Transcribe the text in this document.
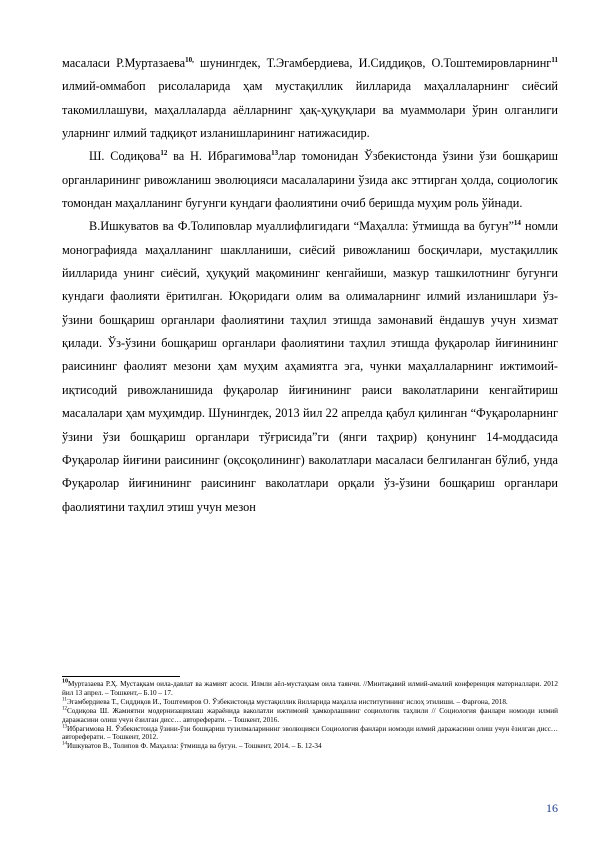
масаласи Р.Муртазаева$^{10,}$ шунингдек, Т.Эгамбердиева, И.Сиддиқов, О.Тоштемировларнинг$^{11}$ илмий-оммабоп рисолаларида ҳам мустақиллик йилларида маҳаллаларнинг сиёсий такомиллашуви, маҳаллаларда аёлларнинг ҳақ-ҳуқуқлари ва муаммолари ўрин олганлиги уларнинг илмий тадқиқот изланишларининг натижасидир.

Ш. Содиқова$^{12}$ ва Н. Ибрагимова$^{13}$лар томонидан Ўзбекистонда ўзини ўзи бошқариш органларининг ривожланиш эволюцияси масалаларини ўзида акс эттирган ҳолда, социологик томондан маҳалланинг бугунги кундаги фаолиятини очиб беришда муҳим роль ўйнади.

В.Ишкуватов ва Ф.Толиповлар муаллифлигидаги “Маҳалла: ўтмишда ва бугун”$^{14}$ номли монографияда маҳалланинг шаклланиши, сиёсий ривожланиш босқичлари, мустақиллик йилларида унинг сиёсий, ҳуқуқий мақомининг кенгайиши, мазкур ташкилотнинг бугунги кундаги фаолияти ёритилган. Юқоридаги олим ва олималарнинг илмий изланишлари ўз-ўзини бошқариш органлари фаолиятини таҳлил этишда замонавий ёндашув учун хизмат қилади. Ўз-ўзини бошқариш органлари фаолиятини таҳлил этишда фуқаролар йиғинининг раисининг фаолият мезони ҳам муҳим аҳамиятга эга, чунки маҳаллаларнинг ижтимоий-иқтисодий ривожланишида фуқаролар йиғинининг раиси ваколатларини кенгайтириш масалалари ҳам муҳимдир. Шунингдек, 2013 йил 22 апрелда қабул қилинган “Фуқароларнинг ўзини ўзи бошқариш органлари тўғрисида”ги (янги таҳрир) қонунинг 14-моддасида Фуқаролар йиғини раисининг (оқсоқолининг) ваколатлари масаласи белгиланган бўлиб, унда Фуқаролар йиғинининг раисининг ваколатлари орқали ўз-ўзини бошқариш органлари фаолиятини таҳлил этиш учун мезон

$^{10}$Муртазаева Р.Ҳ. Мустақкам оила-давлат ва жамият асоси. Илмли аёл-мустаҳкам оила таянчи. //Минтақавий илмий-амалий конференция материаллари. 2012 йил 13 апрел. – Тошкент,– Б.10 – 17.

$^{11}$Эгамбердиева Т., Сиддиқов И., Тоштемиров О. Ўзбекистонда мустақиллик йилларида маҳалла институтининг ислоҳ этилиши. – Фарғона, 2018.

$^{12}$Содиқова Ш. Жамиятни модернизациялаш жараёнида ваколатли ижтимоий ҳамкорлашнинг социологик таҳлили // Социология фанлари номзоди илмий даражасини олиш учун ёзилган дисс… автореферати. – Тошкент, 2016.

$^{13}$Ибрагимова Н. Ўзбекистонда ўзини-ўзи бошқариш тузилмаларининг эволюцияси Социология фанлари номзоди илмий даражасини олиш учун ёзилган дисс… автореферати. – Тошкент, 2012.

$^{14}$Ишкуватов В., Толипов Ф. Маҳалла: ўтмишда ва бугун. – Тошкент, 2014. – Б. 12-34

16
